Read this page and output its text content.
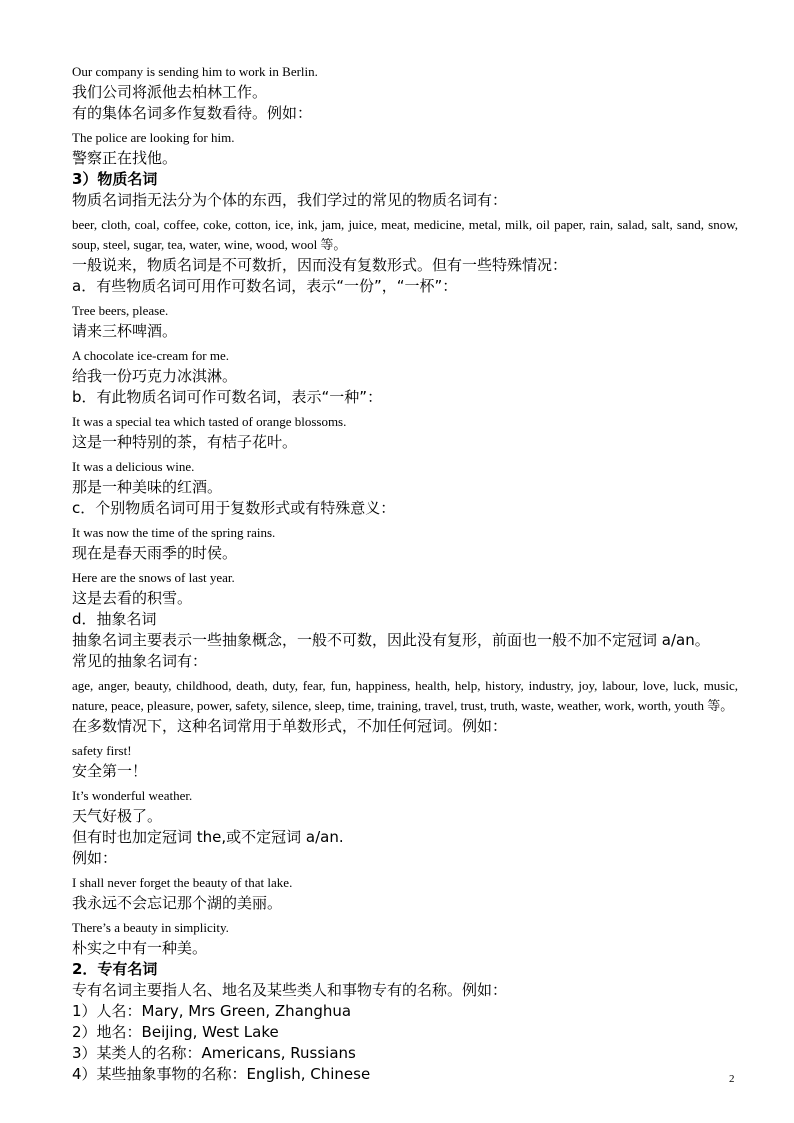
Our company is sending him to work in Berlin.

我们公司将派他去柏林工作。

有的集体名词多作复数看待。例如：

The police are looking for him.

警察正在找他。

3）物质名词

物质名词指无法分为个体的东西，我们学过的常见的物质名词有：

beer, cloth, coal, coffee, coke, cotton, ice, ink, jam, juice, meat, medicine, metal, milk, oil paper, rain, salad, salt, sand, snow, soup, steel, sugar, tea, water, wine, wood, wool 等。

一般说来，物质名词是不可数折，因而没有复数形式。但有一些特殊情况：

a．有些物质名词可用作可数名词，表示“一份”，“一杯”：

Tree beers, please.

请来三杯啤酒。

A chocolate ice-cream for me.

给我一份巧克力冰淇淋。

b．有此物质名词可作可数名词，表示“一种”：

It was a special tea which tasted of orange blossoms.

这是一种特别的茶，有桔子花叶。

It was a delicious wine.

那是一种美味的红酒。

c．个别物质名词可用于复数形式或有特殊意义：

It was now the time of the spring rains.

现在是春天雨季的时侯。

Here are the snows of last year.

这是去看的积雪。

d．抽象名词

抽象名词主要表示一些抽象概念，一般不可数，因此没有复形，前面也一般不加不定冠词 a/an。

常见的抽象名词有：

age, anger, beauty, childhood, death, duty, fear, fun, happiness, health, help, history, industry, joy, labour, love, luck, music, nature, peace, pleasure, power, safety, silence, sleep, time, training, travel, trust, truth, waste, weather, work, worth, youth 等。

在多数情况下，这种名词常用于单数形式，不加任何冠词。例如：

safety first!

安全第一！

It’s wonderful weather.

天气好极了。

但有时也加定冠词 the,或不定冠词 a/an.

例如：

I shall never forget the beauty of that lake.

我永远不会忘记那个湖的美丽。

There’s a beauty in simplicity.

朴实之中有一种美。

2．专有名词

专有名词主要指人名、地名及某些类人和事物专有的名称。例如：

1）人名：Mary, Mrs Green, Zhanghua

2）地名：Beijing, West Lake

3）某类人的名称：Americans, Russians

4）某些抽象事物的名称：English, Chinese	2
